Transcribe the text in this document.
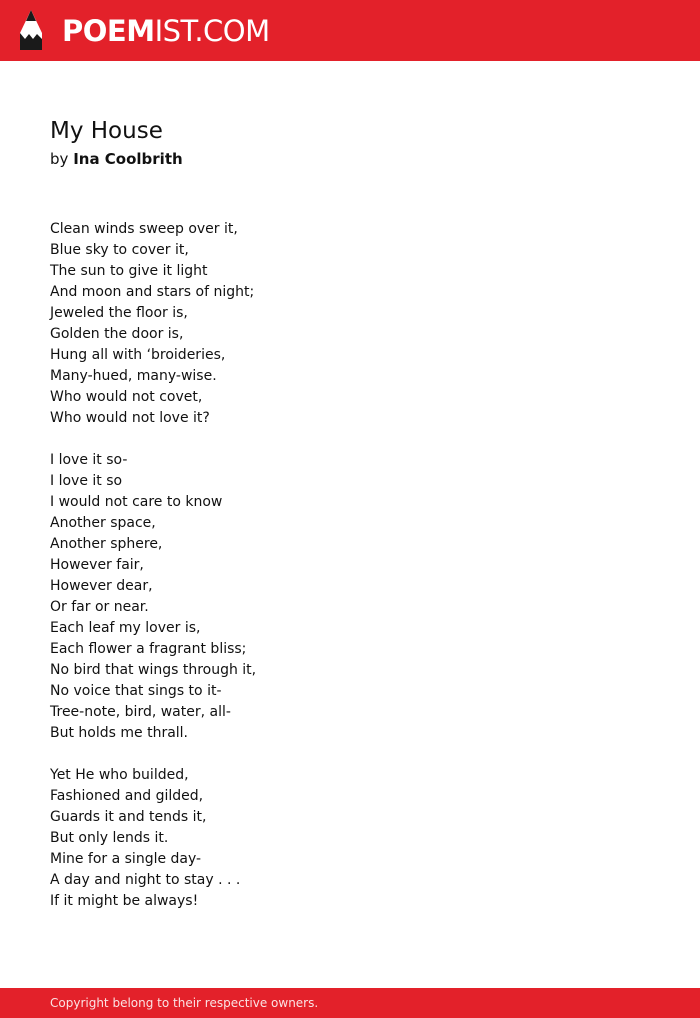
POEMIST.COM
My House
by Ina Coolbrith
Clean winds sweep over it,
Blue sky to cover it,
The sun to give it light
And moon and stars of night;
Jeweled the floor is,
Golden the door is,
Hung all with ‘broideries,
Many-hued, many-wise.
Who would not covet,
Who would not love it?
I love it so-
I love it so
I would not care to know
Another space,
Another sphere,
However fair,
However dear,
Or far or near.
Each leaf my lover is,
Each flower a fragrant bliss;
No bird that wings through it,
No voice that sings to it-
Tree-note, bird, water, all-
But holds me thrall.
Yet He who builded,
Fashioned and gilded,
Guards it and tends it,
But only lends it.
Mine for a single day-
A day and night to stay . . .
If it might be always!
Copyright belong to their respective owners.
